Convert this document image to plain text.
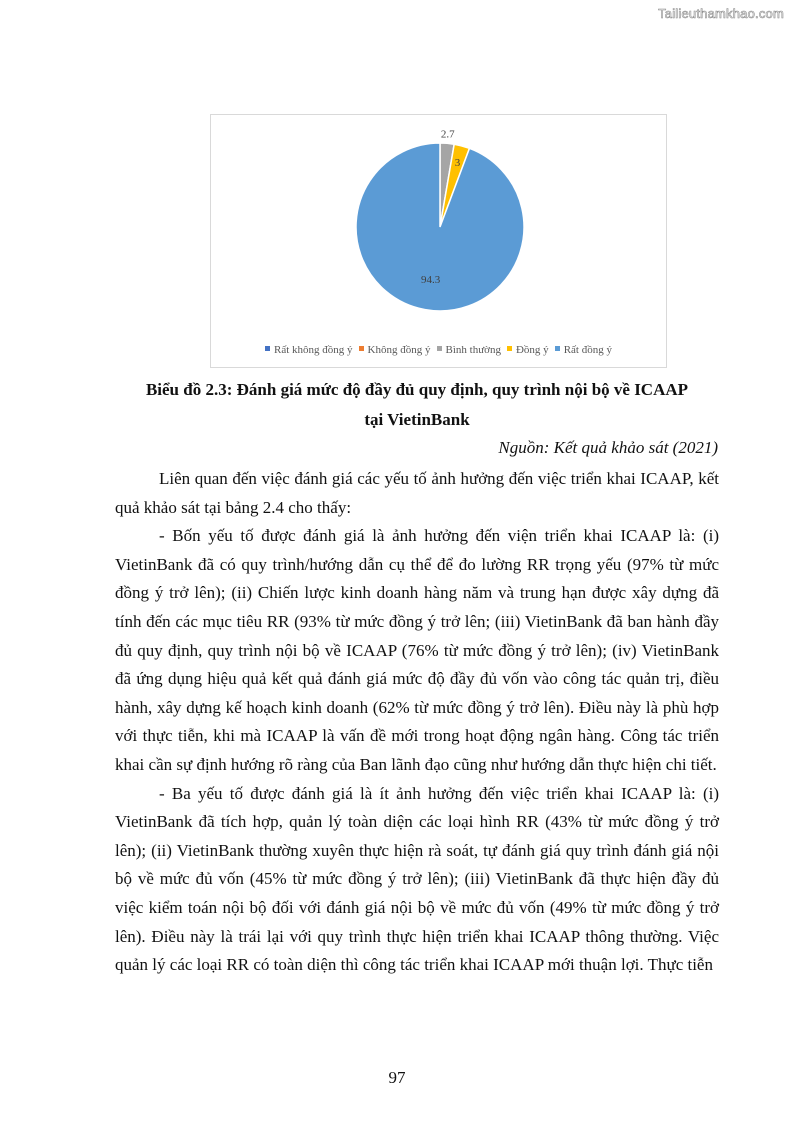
Tailieuthamkhao.com
2.7
3
94.3
Rất không đồng ý Không đồng ý Bình thường Đồng ý Rất đồng ý
Biểu đồ 2.3: Đánh giá mức độ đầy đủ quy định, quy trình nội bộ về ICAAP
tại VietinBank
Nguồn: Kết quả khảo sát (2021)

Liên quan đến việc đánh giá các yếu tố ảnh hưởng đến việc triển khai ICAAP, kết quả khảo sát tại bảng 2.4 cho thấy:

- Bốn yếu tố được đánh giá là ảnh hưởng đến viện triển khai ICAAP là: (i) VietinBank đã có quy trình/hướng dẫn cụ thể để đo lường RR trọng yếu (97% từ mức đồng ý trở lên); (ii) Chiến lược kinh doanh hàng năm và trung hạn được xây dựng đã tính đến các mục tiêu RR (93% từ mức đồng ý trở lên; (iii) VietinBank đã ban hành đầy đủ quy định, quy trình nội bộ về ICAAP (76% từ mức đồng ý trở lên); (iv) VietinBank đã ứng dụng hiệu quả kết quả đánh giá mức độ đầy đủ vốn vào công tác quản trị, điều hành, xây dựng kế hoạch kinh doanh (62% từ mức đồng ý trở lên). Điều này là phù hợp với thực tiễn, khi mà ICAAP là vấn đề mới trong hoạt động ngân hàng. Công tác triển khai cần sự định hướng rõ ràng của Ban lãnh đạo cũng như hướng dẫn thực hiện chi tiết.

- Ba yếu tố được đánh giá là ít ảnh hưởng đến việc triển khai ICAAP là: (i) VietinBank đã tích hợp, quản lý toàn diện các loại hình RR (43% từ mức đồng ý trở lên); (ii) VietinBank thường xuyên thực hiện rà soát, tự đánh giá quy trình đánh giá nội bộ về mức đủ vốn (45% từ mức đồng ý trở lên); (iii) VietinBank đã thực hiện đầy đủ việc kiểm toán nội bộ đối với đánh giá nội bộ về mức đủ vốn (49% từ mức đồng ý trở lên). Điều này là trái lại với quy trình thực hiện triển khai ICAAP thông thường. Việc quản lý các loại RR có toàn diện thì công tác triển khai ICAAP mới thuận lợi. Thực tiễn

97
